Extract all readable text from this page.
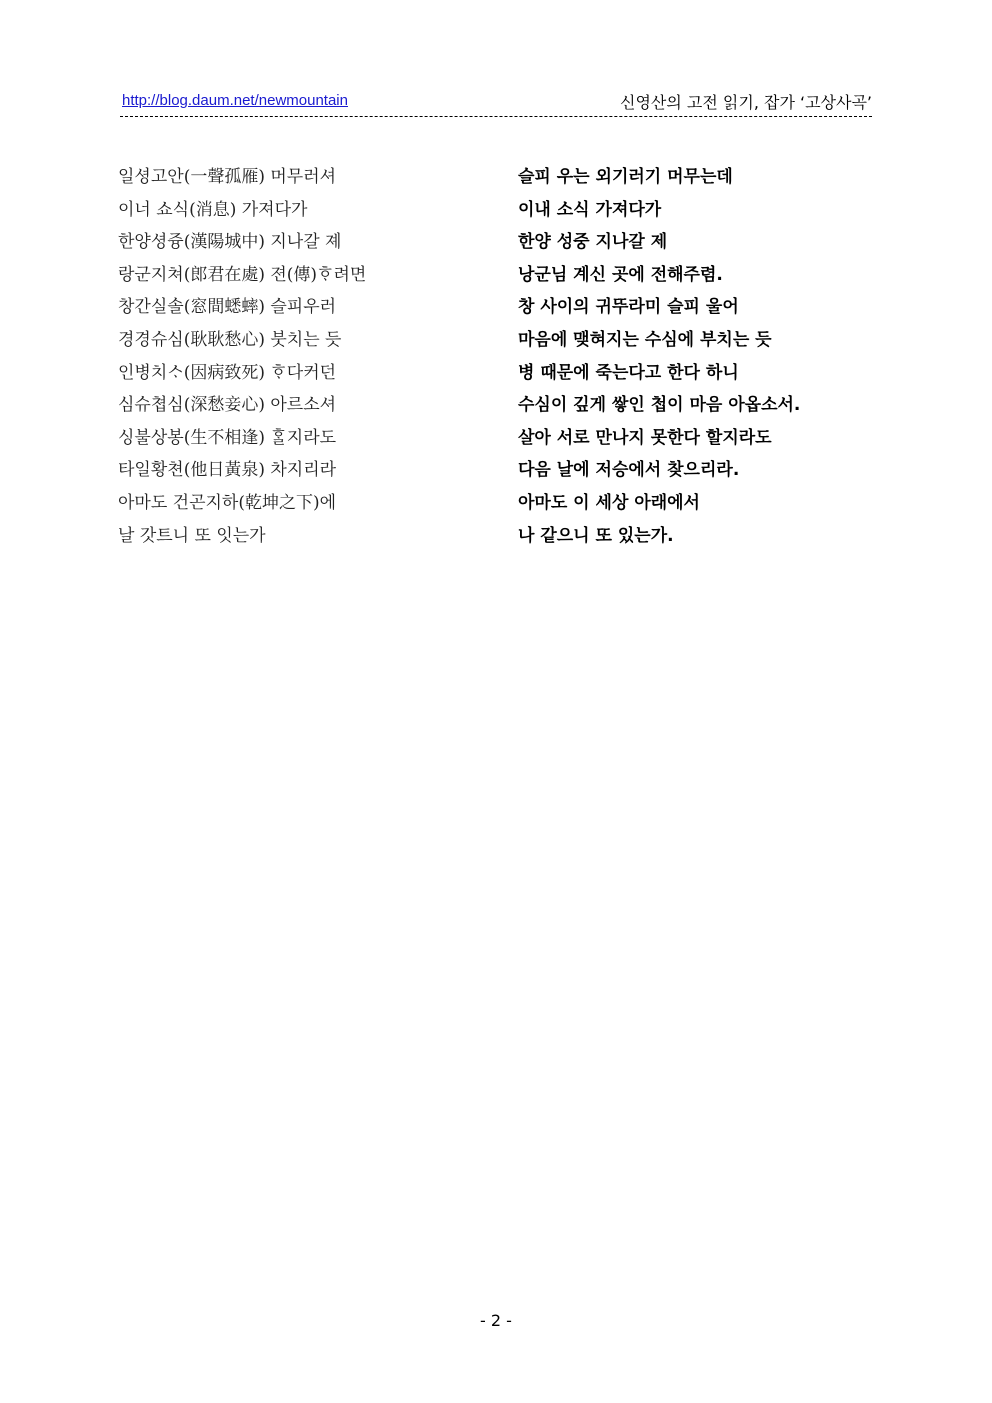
http://blog.daum.net/newmountain	신영산의 고전 읽기, 잡가 ‘고상사곡’
일셩고안(一聲孤雁) 머무러셔	슬피 우는 외기러기 머무는데
이너 쇼식(消息) 가져다가	이내 소식 가져다가
한양셩즁(漢陽城中) 지나갈 졔	한양 성중 지나갈 제
랑군지쳐(郎君在處) 젼(傳)ᄒᆞ려면	낭군님 계신 곳에 전해주렴.
창간실솔(窓間蟋蟀) 슬피우러	창 사이의 귀뚜라미 슬피 울어
경경슈심(耿耿愁心) 붓치는 듯	마음에 맺혀지는 수심에 부치는 듯
인병치ᄉᆞ(因病致死) ᄒᆞ다커던	병 때문에 죽는다고 한다 하니
심슈쳡심(深愁妾心) 아르소셔	수심이 깊게 쌓인 첩이 마음 아옵소서.
싱불상봉(生不相逢) ᄒᆞᆯ지라도	살아 서로 만나지 못한다 할지라도
타일황쳔(他日黃泉) 차지리라	다음 날에 저승에서 찾으리라.
아마도 건곤지하(乾坤之下)에	아마도 이 세상 아래에서
날 갓트니 또 잇는가	나 같으니 또 있는가.
- 2 -
